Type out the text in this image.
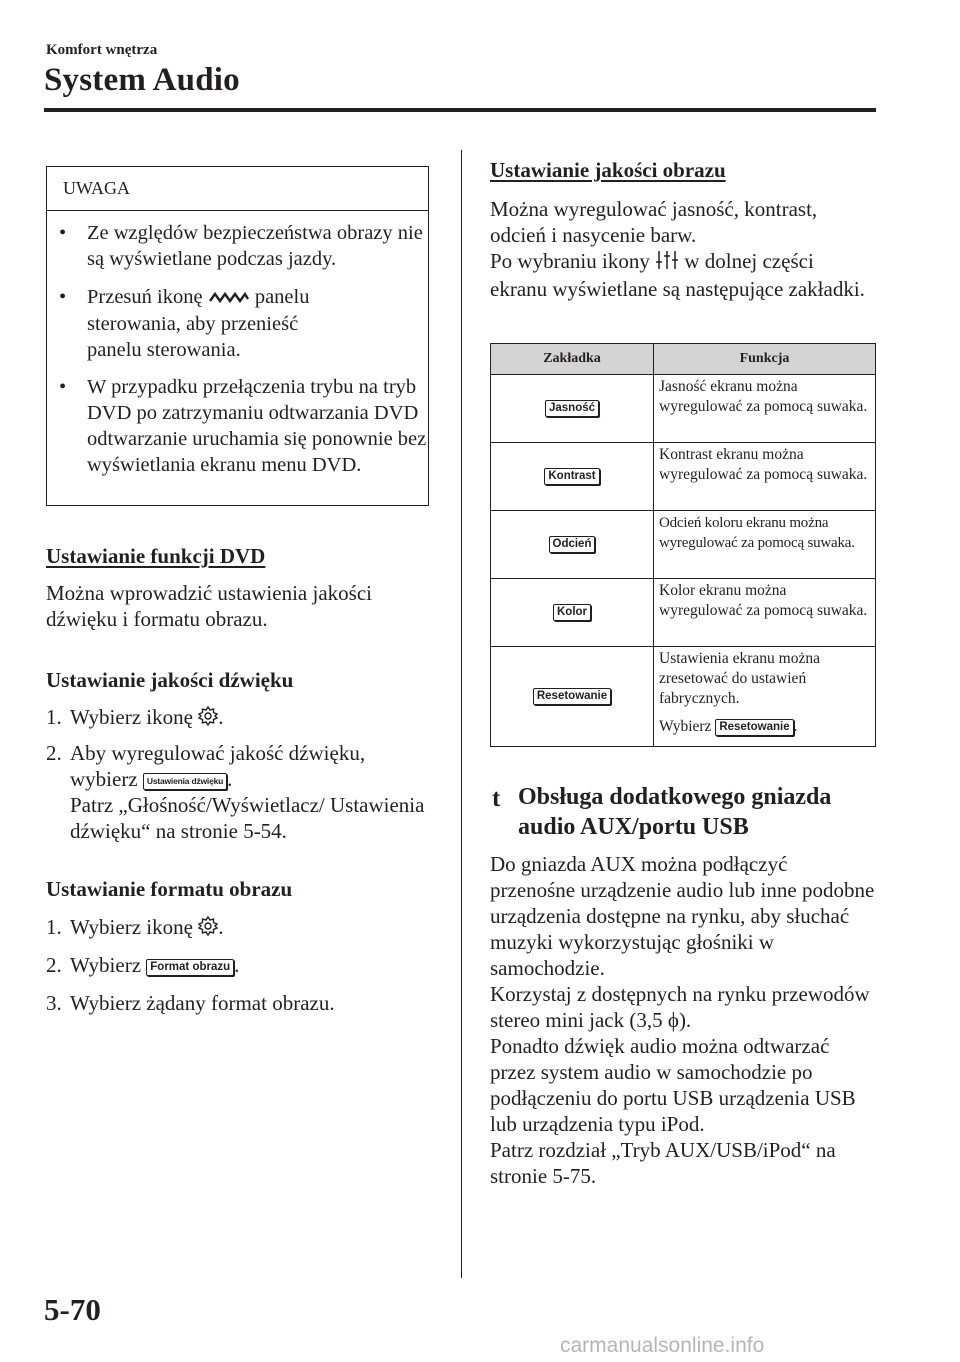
Komfort wnętrza
System Audio
UWAGA
•	Ze względów bezpieczeństwa obrazy nie są wyświetlane podczas jazdy.
•	Przesuń ikonę	panelu
sterowania, aby przenieść
panelu sterowania.
•	W przypadku przełączenia trybu na tryb DVD po zatrzymaniu odtwarzania DVD odtwarzanie uruchamia się ponownie bez wyświetlania ekranu menu DVD.
Ustawianie funkcji DVD
Można wprowadzić ustawienia jakości dźwięku i formatu obrazu.
Ustawianie jakości dźwięku
1. Wybierz ikonę .
2. Aby wyregulować jakość dźwięku,
wybierz Ustawienia dźwięku .
Patrz „Głośność/Wyświetlacz/ Ustawienia dźwięku“ na stronie 5-54.
Ustawianie formatu obrazu
1. Wybierz ikonę .
2. Wybierz Format obrazu .
3. Wybierz żądany format obrazu.
Ustawianie jakości obrazu
Można wyregulować jasność, kontrast, odcień i nasycenie barw.
Po wybraniu ikony w dolnej części
ekranu wyświetlane są następujące zakładki.
Zakładka	Funkcja
Jasność	Jasność ekranu można wyregulować za pomocą suwaka.
Kontrast	Kontrast ekranu można wyregulować za pomocą suwaka.
Odcień	Odcień koloru ekranu można wyregulować za pomocą suwaka.
Kolor	Kolor ekranu można wyregulować za pomocą suwaka.
Resetowanie	Ustawienia ekranu można zresetować do ustawień fabrycznych.
Wybierz Resetowanie .
t Obsługa dodatkowego gniazda audio AUX/portu USB
Do gniazda AUX można podłączyć przenośne urządzenie audio lub inne podobne urządzenia dostępne na rynku, aby słuchać muzyki wykorzystując głośniki w samochodzie.
Korzystaj z dostępnych na rynku przewodów stereo mini jack (3,5 ϕ).
Ponadto dźwięk audio można odtwarzać przez system audio w samochodzie po podłączeniu do portu USB urządzenia USB lub urządzenia typu iPod.
Patrz rozdział „Tryb AUX/USB/iPod“ na stronie 5-75.
5-70
carmanualsonline.info
